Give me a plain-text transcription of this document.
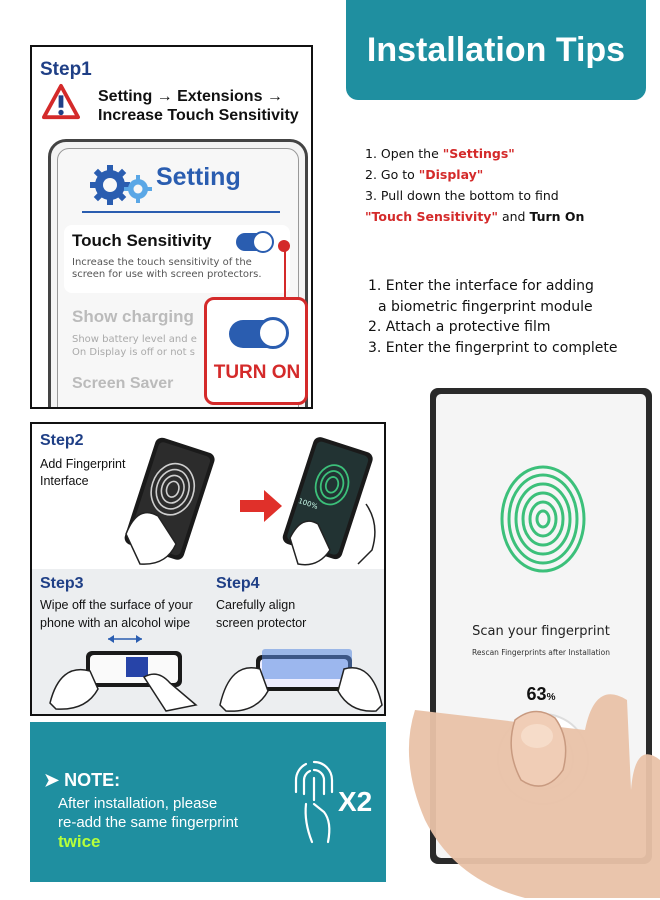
Installation Tips
Step1
Setting → Extensions → Increase Touch Sensitivity
Setting
Touch Sensitivity
Increase the touch sensitivity of the screen for use with screen protectors.
Show charging
Show battery level and e On Display is off or not s
Screen Saver
TURN ON
1. Open the "Settings"
2. Go to "Display"
3. Pull down the bottom to find
"Touch Sensitivity" and Turn On
1. Enter the interface for adding
a biometric fingerprint module
2. Attach a protective film
3. Enter the fingerprint to complete
Step2
Add Fingerprint
Interface
100%
Step3
Wipe off the surface of your
phone with an alcohol wipe
Step4
Carefully align
screen protector
➤ NOTE:
After installation, please
re-add the same fingerprint
twice
X2
Scan your fingerprint
Rescan Fingerprints after Installation
63%
